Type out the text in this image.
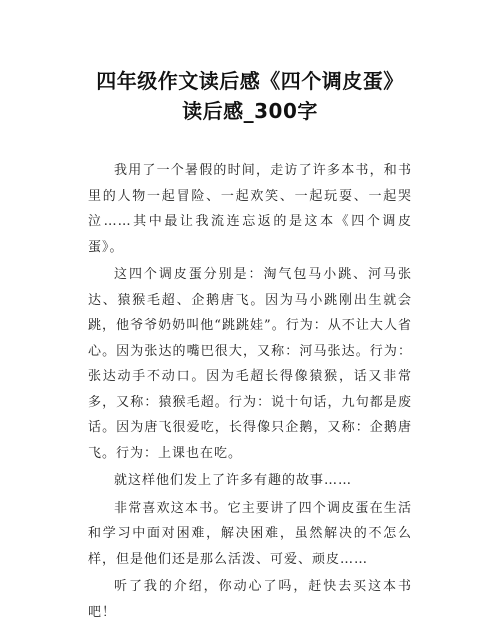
四年级作文读后感《四个调皮蛋》读后感_300字

我用了一个暑假的时间，走访了许多本书，和书里的人物一起冒险、一起欢笑、一起玩耍、一起哭泣……其中最让我流连忘返的是这本《四个调皮蛋》。

这四个调皮蛋分别是：淘气包马小跳、河马张达、猿猴毛超、企鹅唐飞。因为马小跳刚出生就会跳，他爷爷奶奶叫他“跳跳娃”。行为：从不让大人省心。因为张达的嘴巴很大，又称：河马张达。行为：张达动手不动口。因为毛超长得像猿猴，话又非常多，又称：猿猴毛超。行为：说十句话，九句都是废话。因为唐飞很爱吃，长得像只企鹅，又称：企鹅唐飞。行为：上课也在吃。

就这样他们发上了许多有趣的故事……

非常喜欢这本书。它主要讲了四个调皮蛋在生活和学习中面对困难，解决困难，虽然解决的不怎么样，但是他们还是那么活泼、可爱、顽皮……

听了我的介绍，你动心了吗，赶快去买这本书吧！
